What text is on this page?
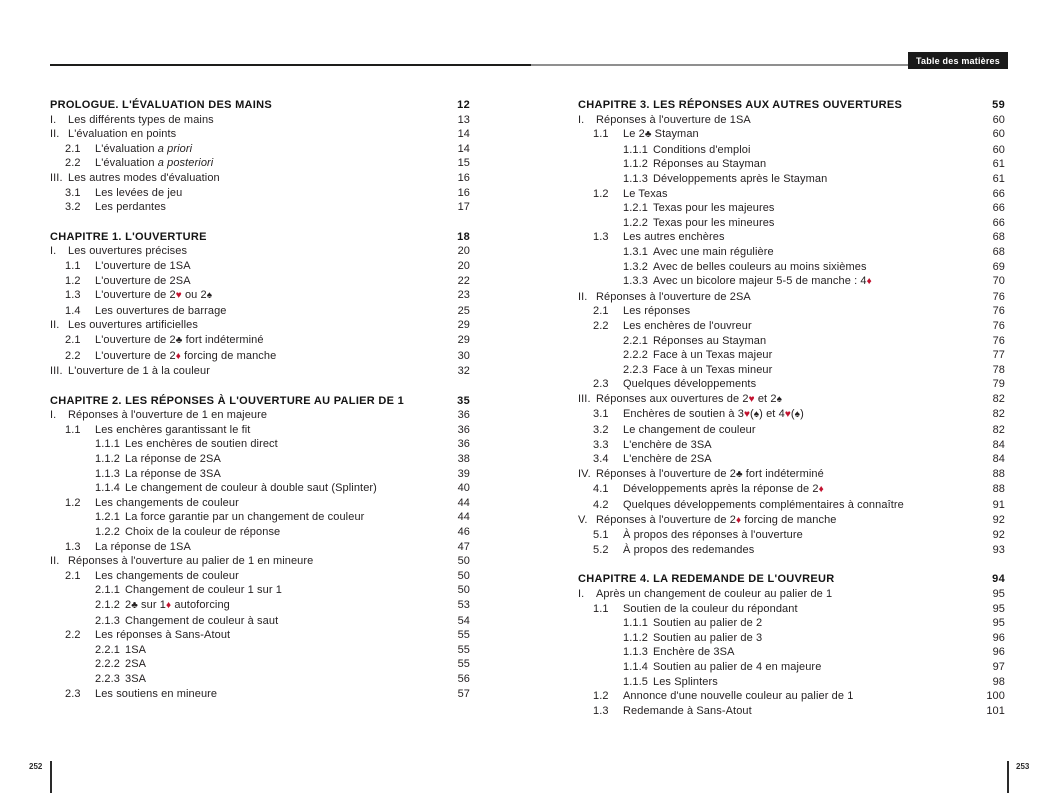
Table des matières
PROLOGUE. L'ÉVALUATION DES MAINS	12
I.	Les différents types de mains	13
II. L'évaluation en points	14
2.1	L'évaluation a priori	14
2.2	L'évaluation a posteriori	15
III. Les autres modes d'évaluation	16
3.1	Les levées de jeu	16
3.2	Les perdantes	17
CHAPITRE 1. L'OUVERTURE	18
I.	Les ouvertures précises	20
1.1	L'ouverture de 1SA	20
1.2	L'ouverture de 2SA	22
1.3	L'ouverture de 2♥ ou 2♠	23
1.4	Les ouvertures de barrage	25
II. Les ouvertures artificielles	29
2.1	L'ouverture de 2♣ fort indéterminé	29
2.2	L'ouverture de 2♦ forcing de manche	30
III. L'ouverture de 1 à la couleur	32
CHAPITRE 2. LES RÉPONSES À L'OUVERTURE AU PALIER DE 1	35
I.	Réponses à l'ouverture de 1 en majeure	36
1.1	Les enchères garantissant le fit	36
1.1.1 Les enchères de soutien direct	36
1.1.2 La réponse de 2SA	38
1.1.3 La réponse de 3SA	39
1.1.4 Le changement de couleur à double saut (Splinter)	40
1.2	Les changements de couleur	44
1.2.1 La force garantie par un changement de couleur	44
1.2.2 Choix de la couleur de réponse	46
1.3	La réponse de 1SA	47
II. Réponses à l'ouverture au palier de 1 en mineure	50
2.1	Les changements de couleur	50
2.1.1 Changement de couleur 1 sur 1	50
2.1.2 2♣ sur 1♦ autoforcing	53
2.1.3 Changement de couleur à saut	54
2.2	Les réponses à Sans-Atout	55
2.2.1 1SA	55
2.2.2 2SA	55
2.2.3 3SA	56
2.3	Les soutiens en mineure	57
CHAPITRE 3. LES RÉPONSES AUX AUTRES OUVERTURES	59
I.	Réponses à l'ouverture de 1SA	60
1.1	Le 2♣ Stayman	60
1.1.1 Conditions d'emploi	60
1.1.2 Réponses au Stayman	61
1.1.3 Développements après le Stayman	61
1.2	Le Texas	66
1.2.1 Texas pour les majeures	66
1.2.2 Texas pour les mineures	66
1.3	Les autres enchères	68
1.3.1 Avec une main régulière	68
1.3.2 Avec de belles couleurs au moins sixièmes	69
1.3.3 Avec un bicolore majeur 5-5 de manche : 4♦	70
II. Réponses à l'ouverture de 2SA	76
2.1	Les réponses	76
2.2	Les enchères de l'ouvreur	76
2.2.1 Réponses au Stayman	76
2.2.2 Face à un Texas majeur	77
2.2.3 Face à un Texas mineur	78
2.3	Quelques développements	79
III. Réponses aux ouvertures de 2♥ et 2♠	82
3.1	Enchères de soutien à 3♥(♠) et 4♥(♠)	82
3.2	Le changement de couleur	82
3.3	L'enchère de 3SA	84
3.4	L'enchère de 2SA	84
IV. Réponses à l'ouverture de 2♣ fort indéterminé	88
4.1	Développements après la réponse de 2♦	88
4.2	Quelques développements complémentaires à connaître	91
V. Réponses à l'ouverture de 2♦ forcing de manche	92
5.1	À propos des réponses à l'ouverture	92
5.2	À propos des redemandes	93
CHAPITRE 4. LA REDEMANDE DE L'OUVREUR	94
I.	Après un changement de couleur au palier de 1	95
1.1	Soutien de la couleur du répondant	95
1.1.1 Soutien au palier de 2	95
1.1.2 Soutien au palier de 3	96
1.1.3 Enchère de 3SA	96
1.1.4 Soutien au palier de 4 en majeure	97
1.1.5 Les Splinters	98
1.2	Annonce d'une nouvelle couleur au palier de 1	100
1.3	Redemande à Sans-Atout	101
252	253
